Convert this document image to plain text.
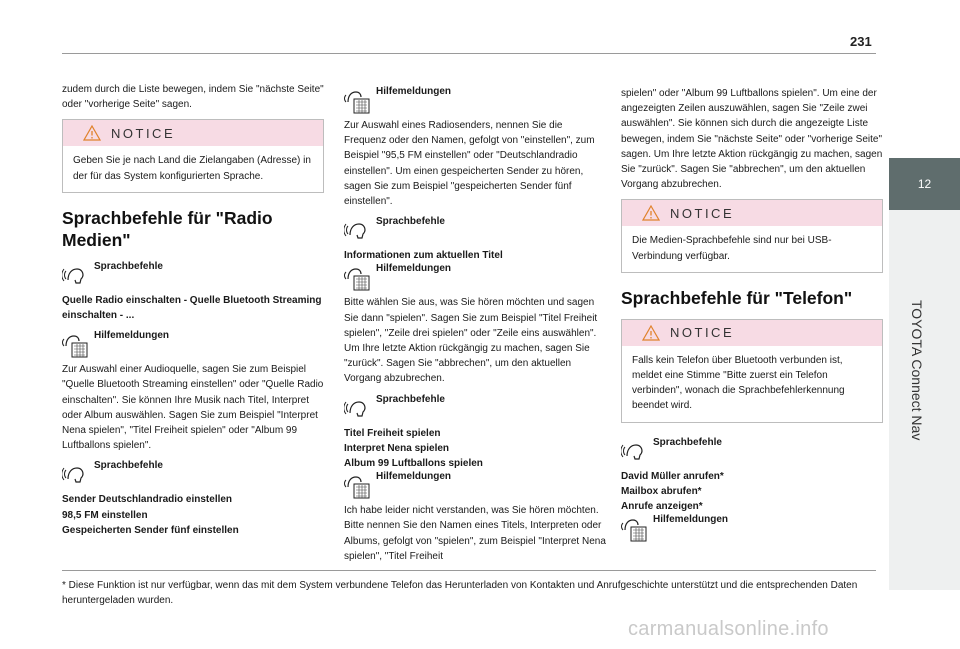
231
12
TOYOTA Connect Nav

zudem durch die Liste bewegen, indem Sie "nächste Seite" oder "vorherige Seite" sagen.

NOTICE
Geben Sie je nach Land die Zielangaben (Adresse) in der für das System konfigurierten Sprache.
Sprachbefehle für "Radio Medien"
Sprachbefehle

Quelle Radio einschalten - Quelle Bluetooth Streaming einschalten - ...

Hilfemeldungen

Zur Auswahl einer Audioquelle, sagen Sie zum Beispiel "Quelle Bluetooth Streaming einstellen" oder "Quelle Radio einschalten". Sie können Ihre Musik nach Titel, Interpret oder Album auswählen. Sagen Sie zum Beispiel "Interpret Nena spielen", "Titel Freiheit spielen" oder "Album 99 Luftballons spielen".

Sprachbefehle
Sender Deutschlandradio einstellen
98,5 FM einstellen
Gespeicherten Sender fünf einstellen
Hilfemeldungen

Zur Auswahl eines Radiosenders, nennen Sie die Frequenz oder den Namen, gefolgt von "einstellen", zum Beispiel "95,5 FM einstellen" oder "Deutschlandradio einstellen". Um einen gespeicherten Sender zu hören, sagen Sie zum Beispiel "gespeicherten Sender fünf einstellen".

Sprachbefehle

Informationen zum aktuellen Titel

Hilfemeldungen

Bitte wählen Sie aus, was Sie hören möchten und sagen Sie dann "spielen". Sagen Sie zum Beispiel "Titel Freiheit spielen", "Zeile drei spielen" oder "Zeile eins auswählen". Um Ihre letzte Aktion rückgängig zu machen, sagen Sie "zurück". Sagen Sie "abbrechen", um den aktuellen Vorgang abzubrechen.

Sprachbefehle
Titel Freiheit spielen
Interpret Nena spielen
Album 99 Luftballons spielen
Hilfemeldungen

Ich habe leider nicht verstanden, was Sie hören möchten. Bitte nennen Sie den Namen eines Titels, Interpreten oder Albums, gefolgt von "spielen", zum Beispiel "Interpret Nena spielen", "Titel Freiheit

spielen" oder "Album 99 Luftballons spielen". Um eine der angezeigten Zeilen auszuwählen, sagen Sie "Zeile zwei auswählen". Sie können sich durch die angezeigte Liste bewegen, indem Sie "nächste Seite" oder "vorherige Seite" sagen. Um Ihre letzte Aktion rückgängig zu machen, sagen Sie "zurück". Sagen Sie "abbrechen", um den aktuellen Vorgang abzubrechen.

NOTICE
Die Medien-Sprachbefehle sind nur bei USB-Verbindung verfügbar.
Sprachbefehle für "Telefon"
NOTICE
Falls kein Telefon über Bluetooth verbunden ist, meldet eine Stimme "Bitte zuerst ein Telefon verbinden", wonach die Sprachbefehlerkennung beendet wird.
Sprachbefehle
David Müller anrufen*
Mailbox abrufen*
Anrufe anzeigen*
Hilfemeldungen
* Diese Funktion ist nur verfügbar, wenn das mit dem System verbundene Telefon das Herunterladen von Kontakten und Anrufgeschichte unterstützt und die entsprechenden Daten heruntergeladen wurden.
carmanualsonline.info
